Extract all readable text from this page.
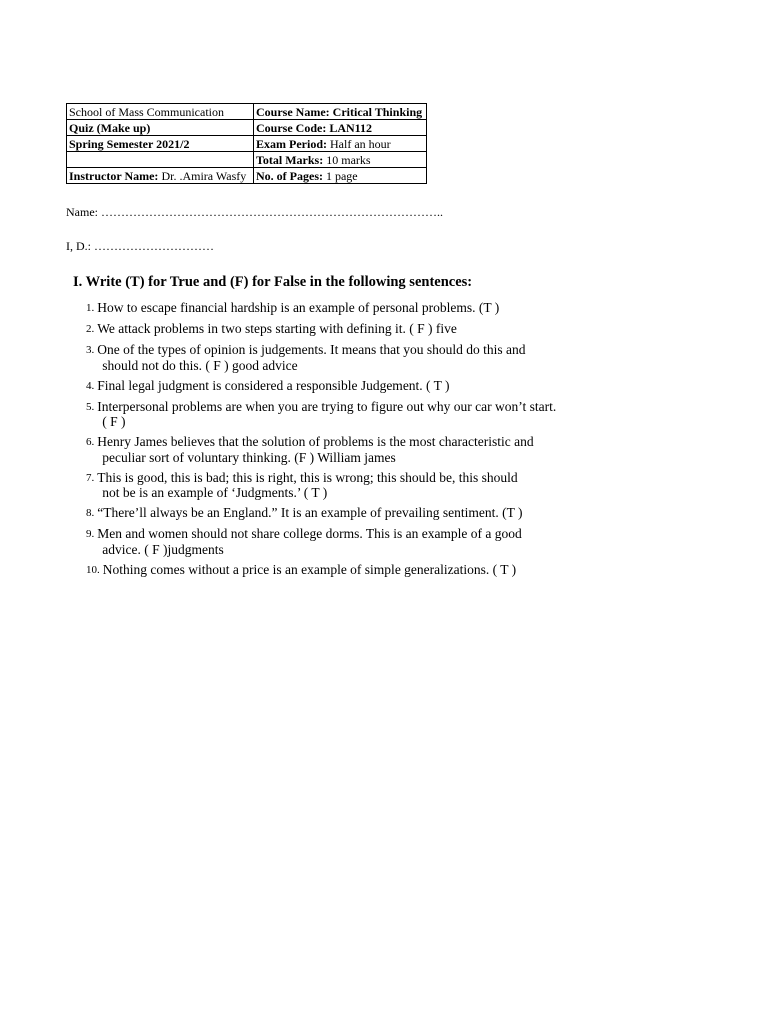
School of Mass Communication	Course Name: Critical Thinking
Quiz (Make up)	Course Code: LAN112
Spring Semester 2021/2	Exam Period: Half an hour
	Total Marks: 10 marks
Instructor Name: Dr. .Amira Wasfy	No. of Pages: 1 page
Name: …………………………………………………………………………..
I, D.: …………………………
I. Write (T) for True and (F) for False in the following sentences:
1. How to escape financial hardship is an example of personal problems. (T )
2. We attack problems in two steps starting with defining it. ( F ) five
3. One of the types of opinion is judgements. It means that you should do this and
should not do this. ( F ) good advice
4. Final legal judgment is considered a responsible Judgement. ( T )
5. Interpersonal problems are when you are trying to figure out why our car won’t start.
( F )
6. Henry James believes that the solution of problems is the most characteristic and
peculiar sort of voluntary thinking. (F ) William james
7. This is good, this is bad; this is right, this is wrong; this should be, this should
not be is an example of ‘Judgments.’ ( T )
8. “There’ll always be an England.” It is an example of prevailing sentiment. (T )
9. Men and women should not share college dorms. This is an example of a good
advice. ( F )judgments
10. Nothing comes without a price is an example of simple generalizations. ( T )
